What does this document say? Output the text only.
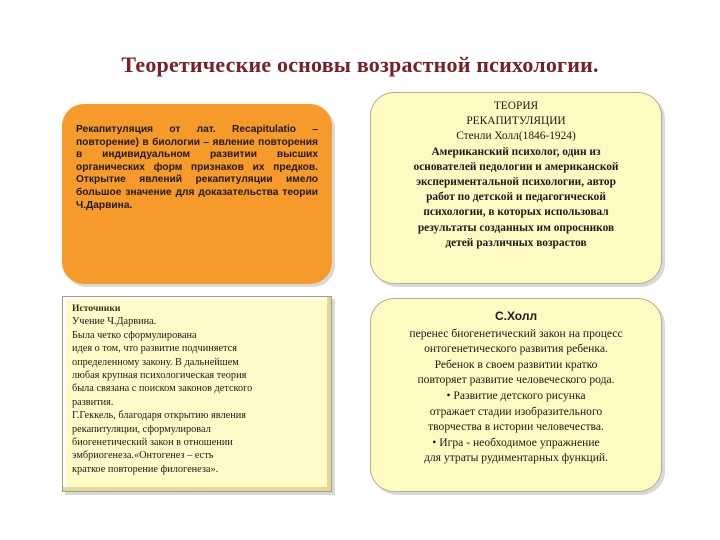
Теоретические основы возрастной психологии.
Рекапитуляция от лат. Recapitulatio – повторение) в биологии – явление повторения в индивидуальном развитии высших органических форм признаков их предков. Открытие явлений рекапитуляции имело большое значение для доказательства теории Ч.Дарвина.
ТЕОРИЯ
РЕКАПИТУЛЯЦИИ
Стенли Холл(1846-1924)
Американский психолог, один из
основателей педологии и американской
экспериментальной психологии, автор
работ по детской и педагогической
психологии, в которых использовал
результаты созданных им опросников
детей различных возрастов
Источники
Учение Ч.Дарвина.
Была четко сформулирована
идея о том, что развитие подчиняется
определенному закону. В дальнейшем
любая крупная психологическая теория
была связана с поиском законов детского
развития.
Г.Геккель, благодаря открытию явления
рекапитуляции, сформулировал
биогенетический закон в отношении
эмбриогенеза.«Онтогенез – есть
краткое повторение филогенеза».
С.Холл
перенес биогенетический закон на процесс
онтогенетического развития ребенка.
Ребенок в своем развитии кратко
повторяет развитие человеческого рода.
• Развитие детского рисунка
отражает стадии изобразительного
творчества в истории человечества.
• Игра - необходимое упражнение
для утраты рудиментарных функций.
